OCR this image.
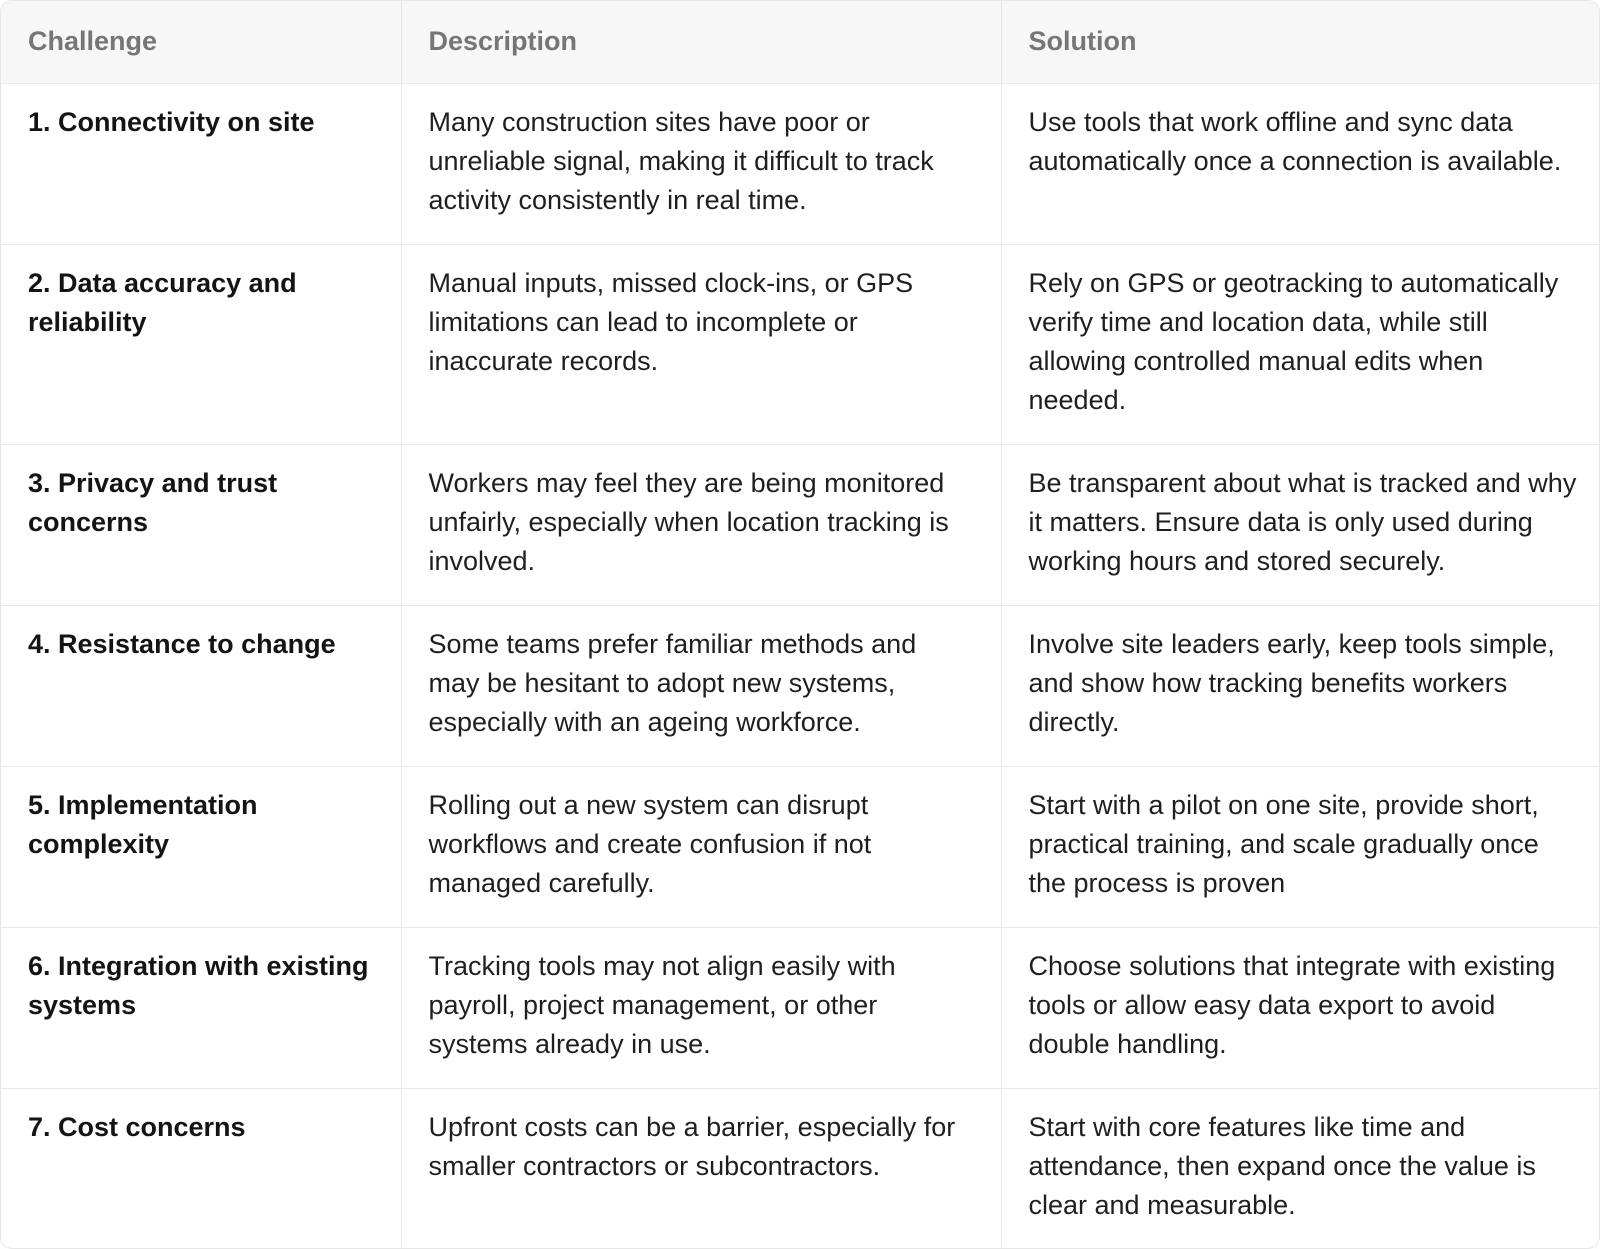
Challenge	Description	Solution
1. Connectivity on site	Many construction sites have poor or unreliable signal, making it difficult to track activity consistently in real time.	Use tools that work offline and sync data automatically once a connection is available.
2. Data accuracy and reliability	Manual inputs, missed clock-ins, or GPS limitations can lead to incomplete or inaccurate records.	Rely on GPS or geotracking to automatically verify time and location data, while still allowing controlled manual edits when needed.
3. Privacy and trust concerns	Workers may feel they are being monitored unfairly, especially when location tracking is involved.	Be transparent about what is tracked and why it matters. Ensure data is only used during working hours and stored securely.
4. Resistance to change	Some teams prefer familiar methods and may be hesitant to adopt new systems, especially with an ageing workforce.	Involve site leaders early, keep tools simple, and show how tracking benefits workers directly.
5. Implementation complexity	Rolling out a new system can disrupt workflows and create confusion if not managed carefully.	Start with a pilot on one site, provide short, practical training, and scale gradually once the process is proven
6. Integration with existing systems	Tracking tools may not align easily with payroll, project management, or other systems already in use.	Choose solutions that integrate with existing tools or allow easy data export to avoid double handling.
7. Cost concerns	Upfront costs can be a barrier, especially for smaller contractors or subcontractors.	Start with core features like time and attendance, then expand once the value is clear and measurable.
